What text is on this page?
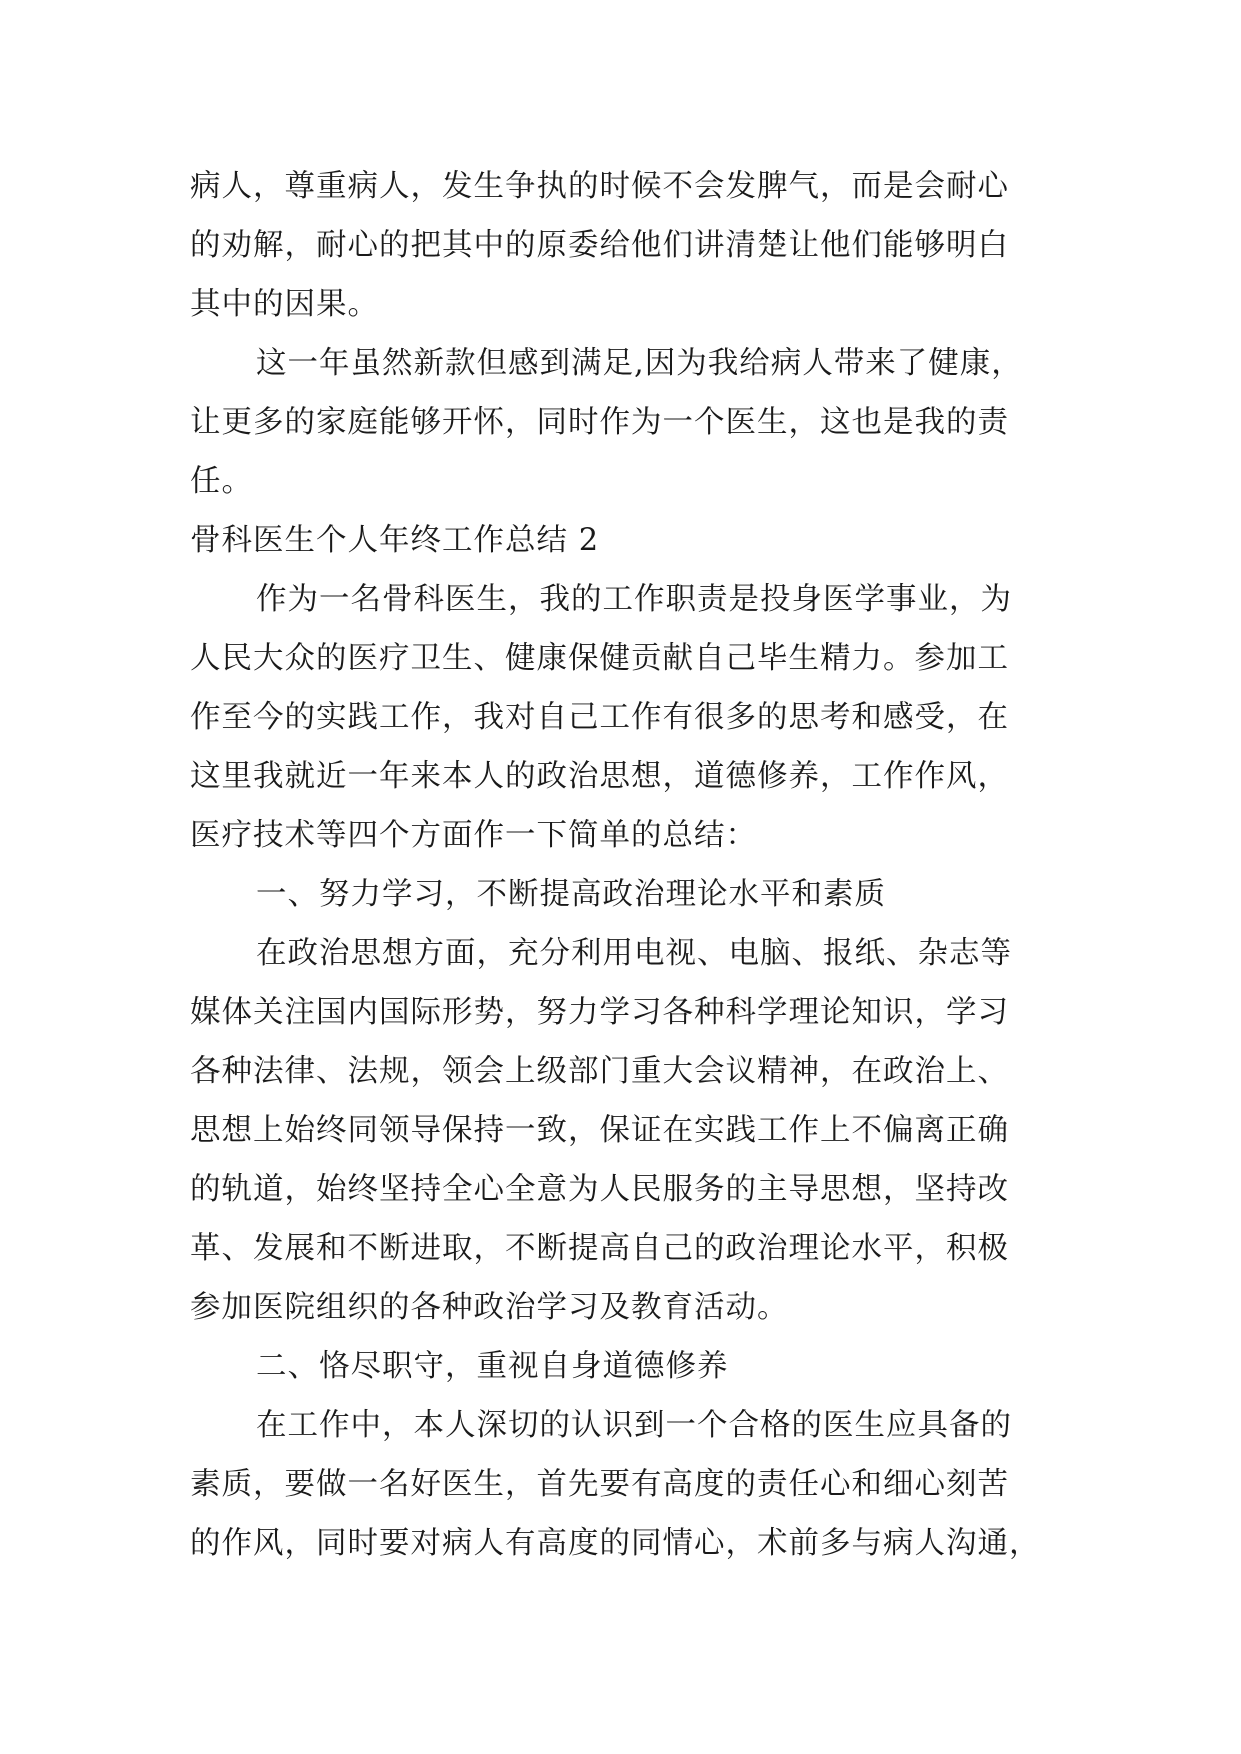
病人，尊重病人，发生争执的时候不会发脾气，而是会耐心
的劝解，耐心的把其中的原委给他们讲清楚让他们能够明白
其中的因果。
这一年虽然新款但感到满足,因为我给病人带来了健康，
让更多的家庭能够开怀，同时作为一个医生，这也是我的责
任。
骨科医生个人年终工作总结 2
作为一名骨科医生，我的工作职责是投身医学事业，为
人民大众的医疗卫生、健康保健贡献自己毕生精力。参加工
作至今的实践工作，我对自己工作有很多的思考和感受，在
这里我就近一年来本人的政治思想，道德修养，工作作风，
医疗技术等四个方面作一下简单的总结：
一、努力学习，不断提高政治理论水平和素质
在政治思想方面，充分利用电视、电脑、报纸、杂志等
媒体关注国内国际形势，努力学习各种科学理论知识，学习
各种法律、法规，领会上级部门重大会议精神，在政治上、
思想上始终同领导保持一致，保证在实践工作上不偏离正确
的轨道，始终坚持全心全意为人民服务的主导思想，坚持改
革、发展和不断进取，不断提高自己的政治理论水平，积极
参加医院组织的各种政治学习及教育活动。
二、恪尽职守，重视自身道德修养
在工作中，本人深切的认识到一个合格的医生应具备的
素质，要做一名好医生，首先要有高度的责任心和细心刻苦
的作风，同时要对病人有高度的同情心，术前多与病人沟通，
